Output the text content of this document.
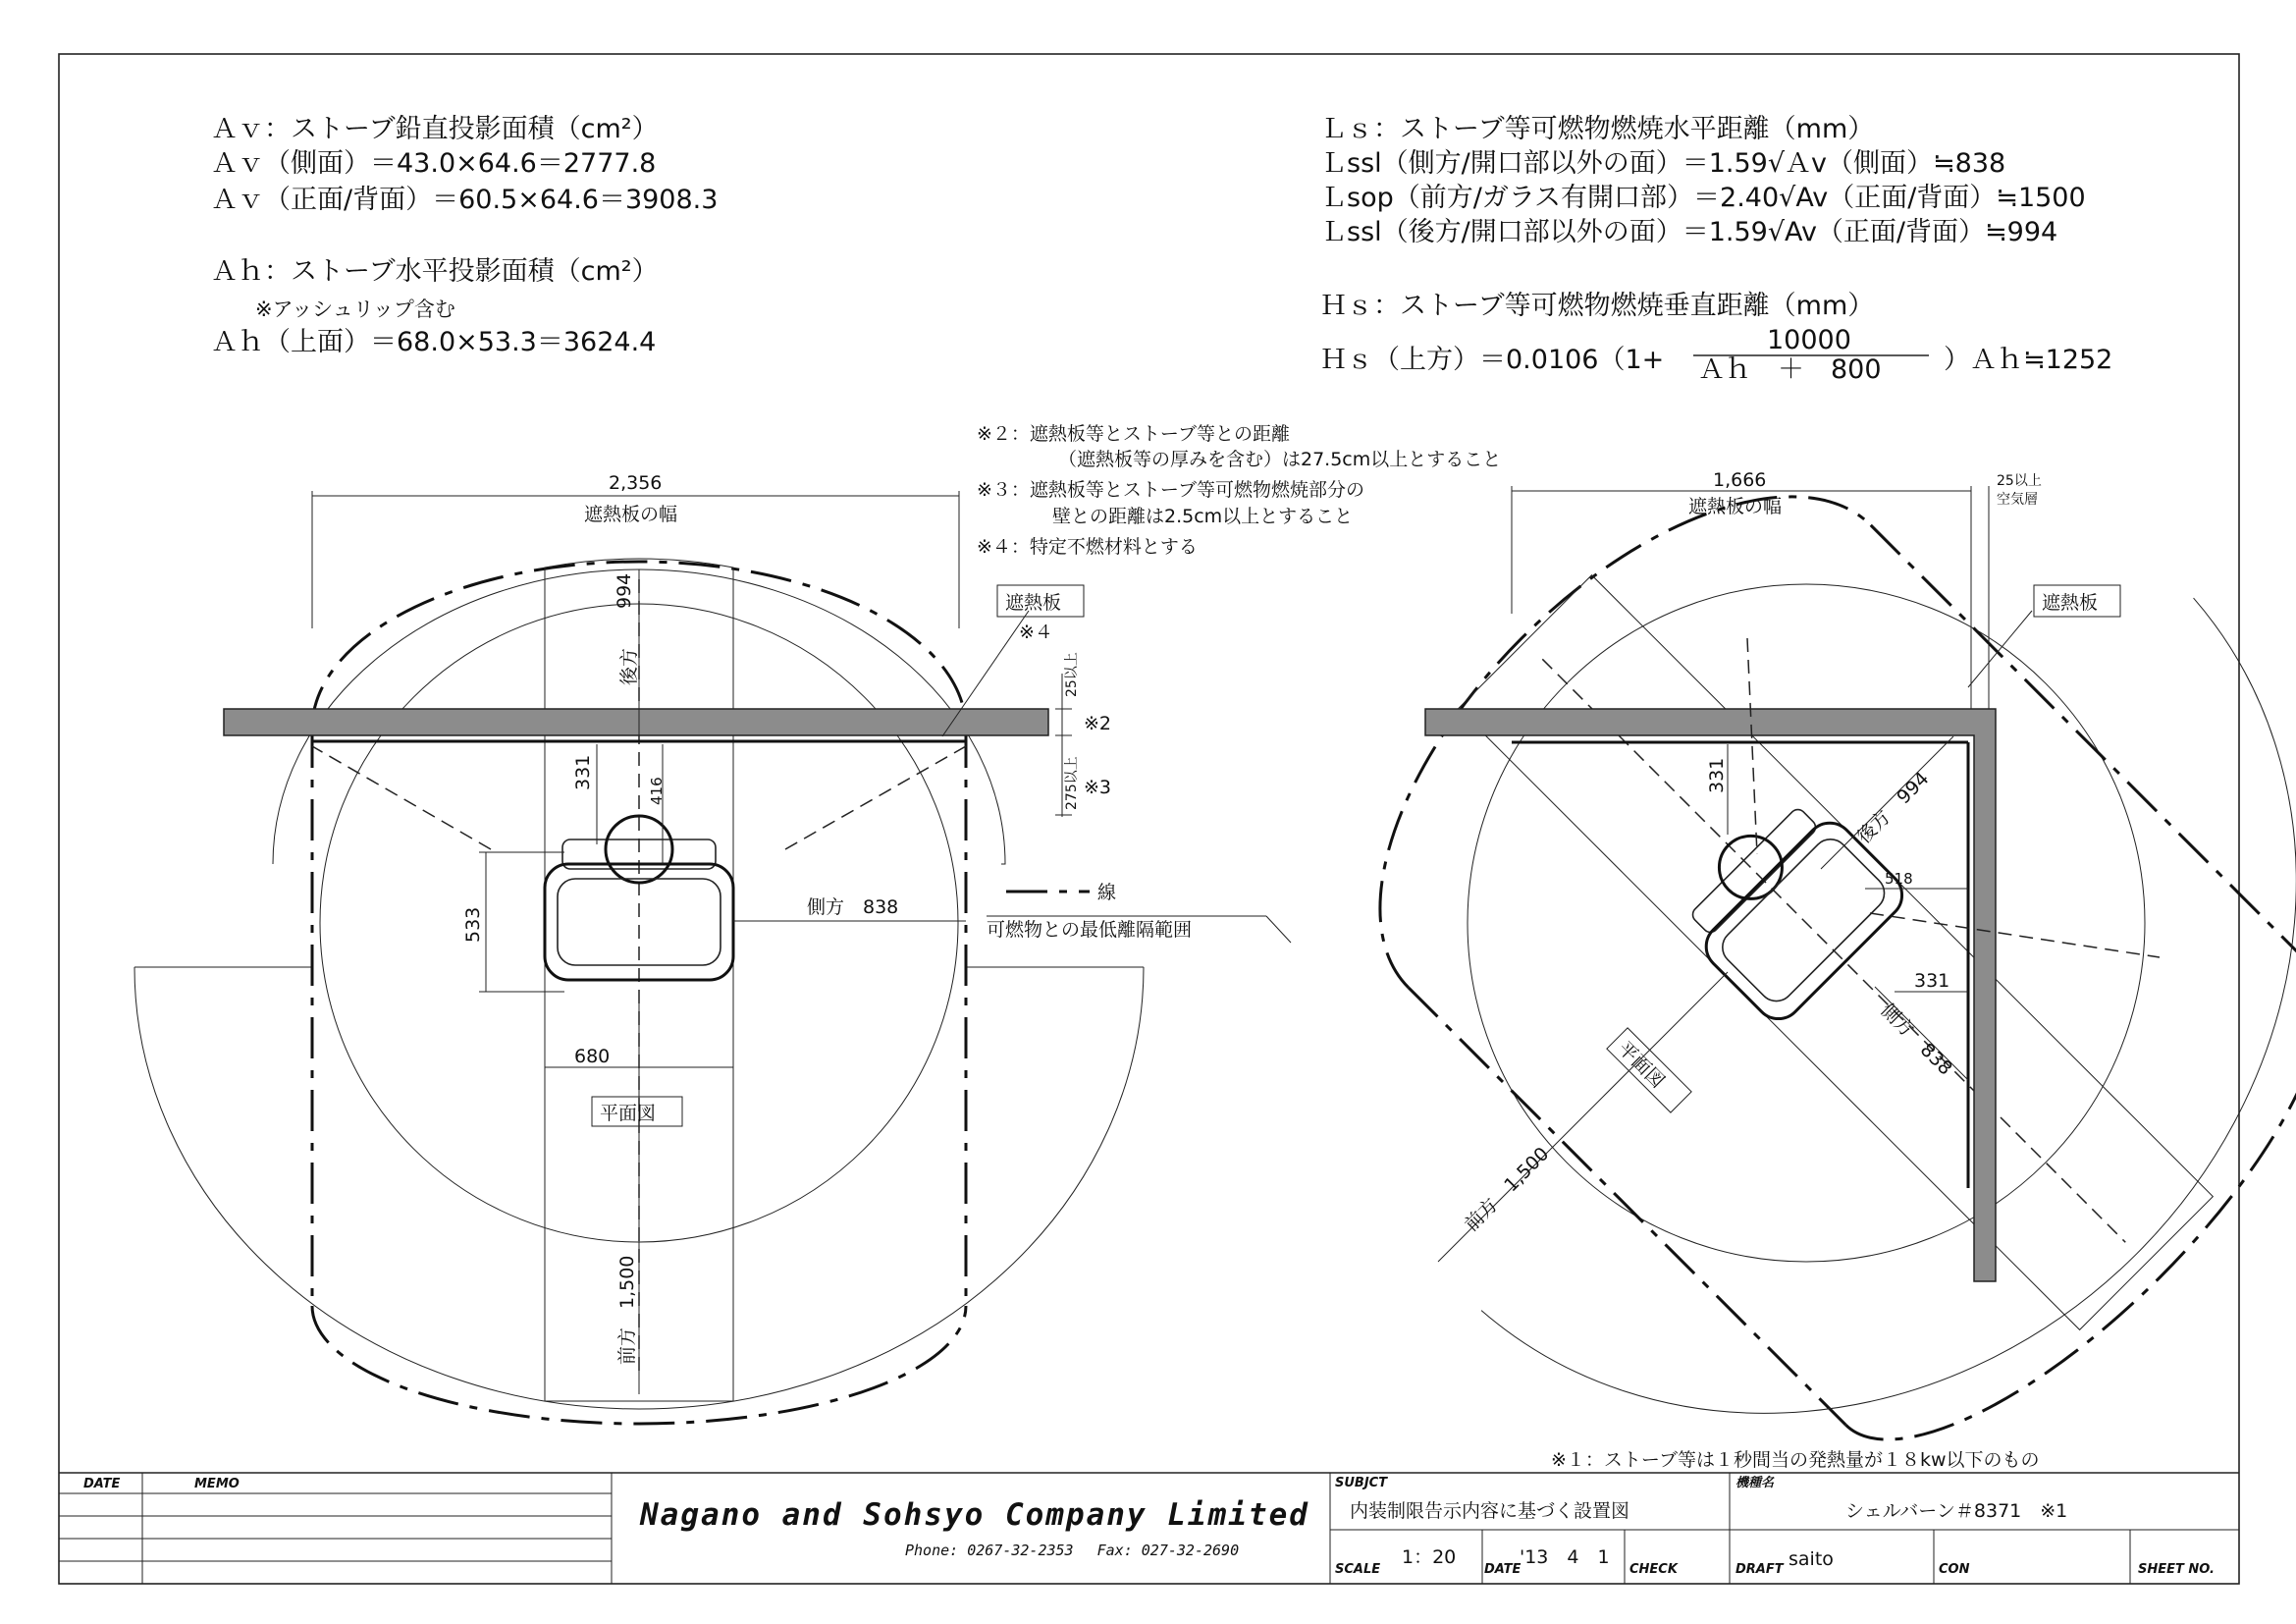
Ａｖ：ストーブ鉛直投影面積（cm²）
Ａｖ（側面）＝43.0×64.6＝2777.8
Ａｖ（正面/背面）＝60.5×64.6＝3908.3
Ａｈ：ストーブ水平投影面積（cm²）
※アッシュリップ含む
Ａｈ（上面）＝68.0×53.3＝3624.4
Ｌｓ：ストーブ等可燃物燃焼水平距離（mm）
Ｌssl（側方/開口部以外の面）＝1.59√Ａv（側面）≒838
Ｌsop（前方/ガラス有開口部）＝2.40√Av（正面/背面）≒1500
Ｌssl（後方/開口部以外の面）＝1.59√Av（正面/背面）≒994
Ｈｓ：ストーブ等可燃物燃焼垂直距離（mm）
Ｈｓ（上方）＝0.0106（1+
10000
Ａｈ　＋　800 ）Ａｈ≒1252
※２：遮熱板等とストーブ等との距離
（遮熱板等の厚みを含む）は27.5cm以上とすること
※３：遮熱板等とストーブ等可燃物燃焼部分の
壁との距離は2.5cm以上とすること
※４：特定不燃材料とする
※１：ストーブ等は１秒間当の発熱量が１８kw以下のもの
線
可燃物との最低離隔範囲
2,356
遮熱板の幅
994
後方
331
416
533	側方　838
680
前方　1,500
遮熱板
※４
25以上
※2
275以上 ※3
平面図
1,666
遮熱板の幅
25以上
空気層
331	後方　994
518
331
側方　838
前方　1,500
遮熱板
平面図
DATE	MEMO
Nagano and Sohsyo Company Limited
Phone: 0267-32-2353　 Fax: 027-32-2690
SUBJCT
内装制限告示内容に基づく設置図
機種名
シェルバーン＃8371　※1
SCALE
1：20
DATE
'13　4　1
CHECK	DRAFT saito	CON	SHEET NO.
